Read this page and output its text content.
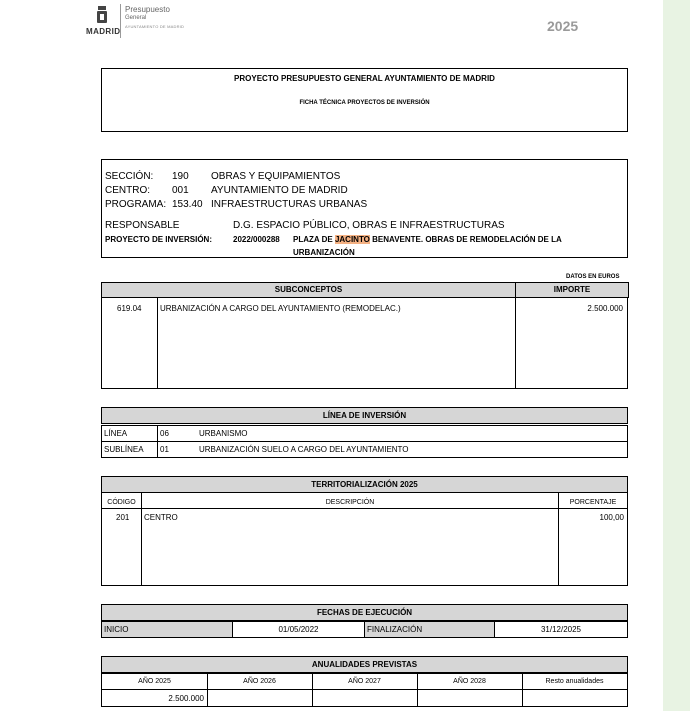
MADRID
Presupuesto
General
AYUNTAMIENTO DE MADRID	2025
PROYECTO PRESUPUESTO GENERAL AYUNTAMIENTO DE MADRID
FICHA TÉCNICA PROYECTOS DE INVERSIÓN
SECCIÓN: 190 OBRAS Y EQUIPAMIENTOS
CENTRO: 001 AYUNTAMIENTO DE MADRID
PROGRAMA: 153.40 INFRAESTRUCTURAS URBANAS
RESPONSABLE	D.G. ESPACIO PÚBLICO, OBRAS E INFRAESTRUCTURAS
PROYECTO DE INVERSIÓN:	2022/000288 PLAZA DE JACINTO BENAVENTE. OBRAS DE REMODELACIÓN DE LA
URBANIZACIÓN
DATOS EN EUROS
SUBCONCEPTOS	IMPORTE
619.04 URBANIZACIÓN A CARGO DEL AYUNTAMIENTO (REMODELAC.)	2.500.000
LÍNEA DE INVERSIÓN
LÍNEA	06	URBANISMO
SUBLÍNEA 01	URBANIZACIÓN SUELO A CARGO DEL AYUNTAMIENTO
TERRITORIALIZACIÓN 2025
CÓDIGO	DESCRIPCIÓN	PORCENTAJE
201 CENTRO	100,00
FECHAS DE EJECUCIÓN
INICIO	01/05/2022	FINALIZACIÓN	31/12/2025
ANUALIDADES PREVISTAS
AÑO 2025	AÑO 2026	AÑO 2027	AÑO 2028	Resto anualidades
2.500.000
